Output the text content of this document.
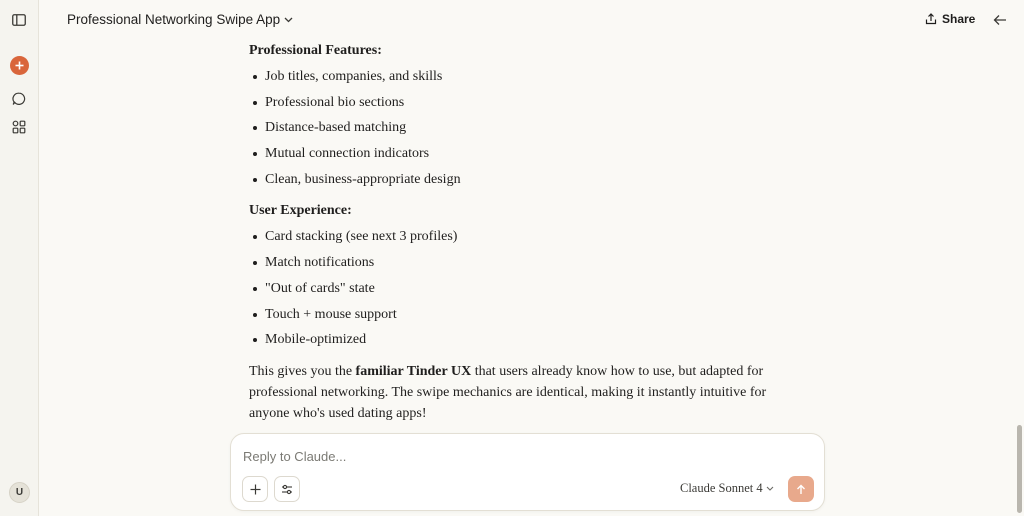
U
Professional Networking Swipe App	Share

Professional Features:

Job titles, companies, and skills
Professional bio sections
Distance-based matching
Mutual connection indicators
Clean, business-appropriate design

User Experience:

Card stacking (see next 3 profiles)
Match notifications
"Out of cards" state
Touch + mouse support
Mobile-optimized

This gives you the familiar Tinder UX that users already know how to use, but adapted for professional networking. The swipe mechanics are identical, making it instantly intuitive for anyone who's used dating apps!

Reply to Claude...
Claude Sonnet 4
